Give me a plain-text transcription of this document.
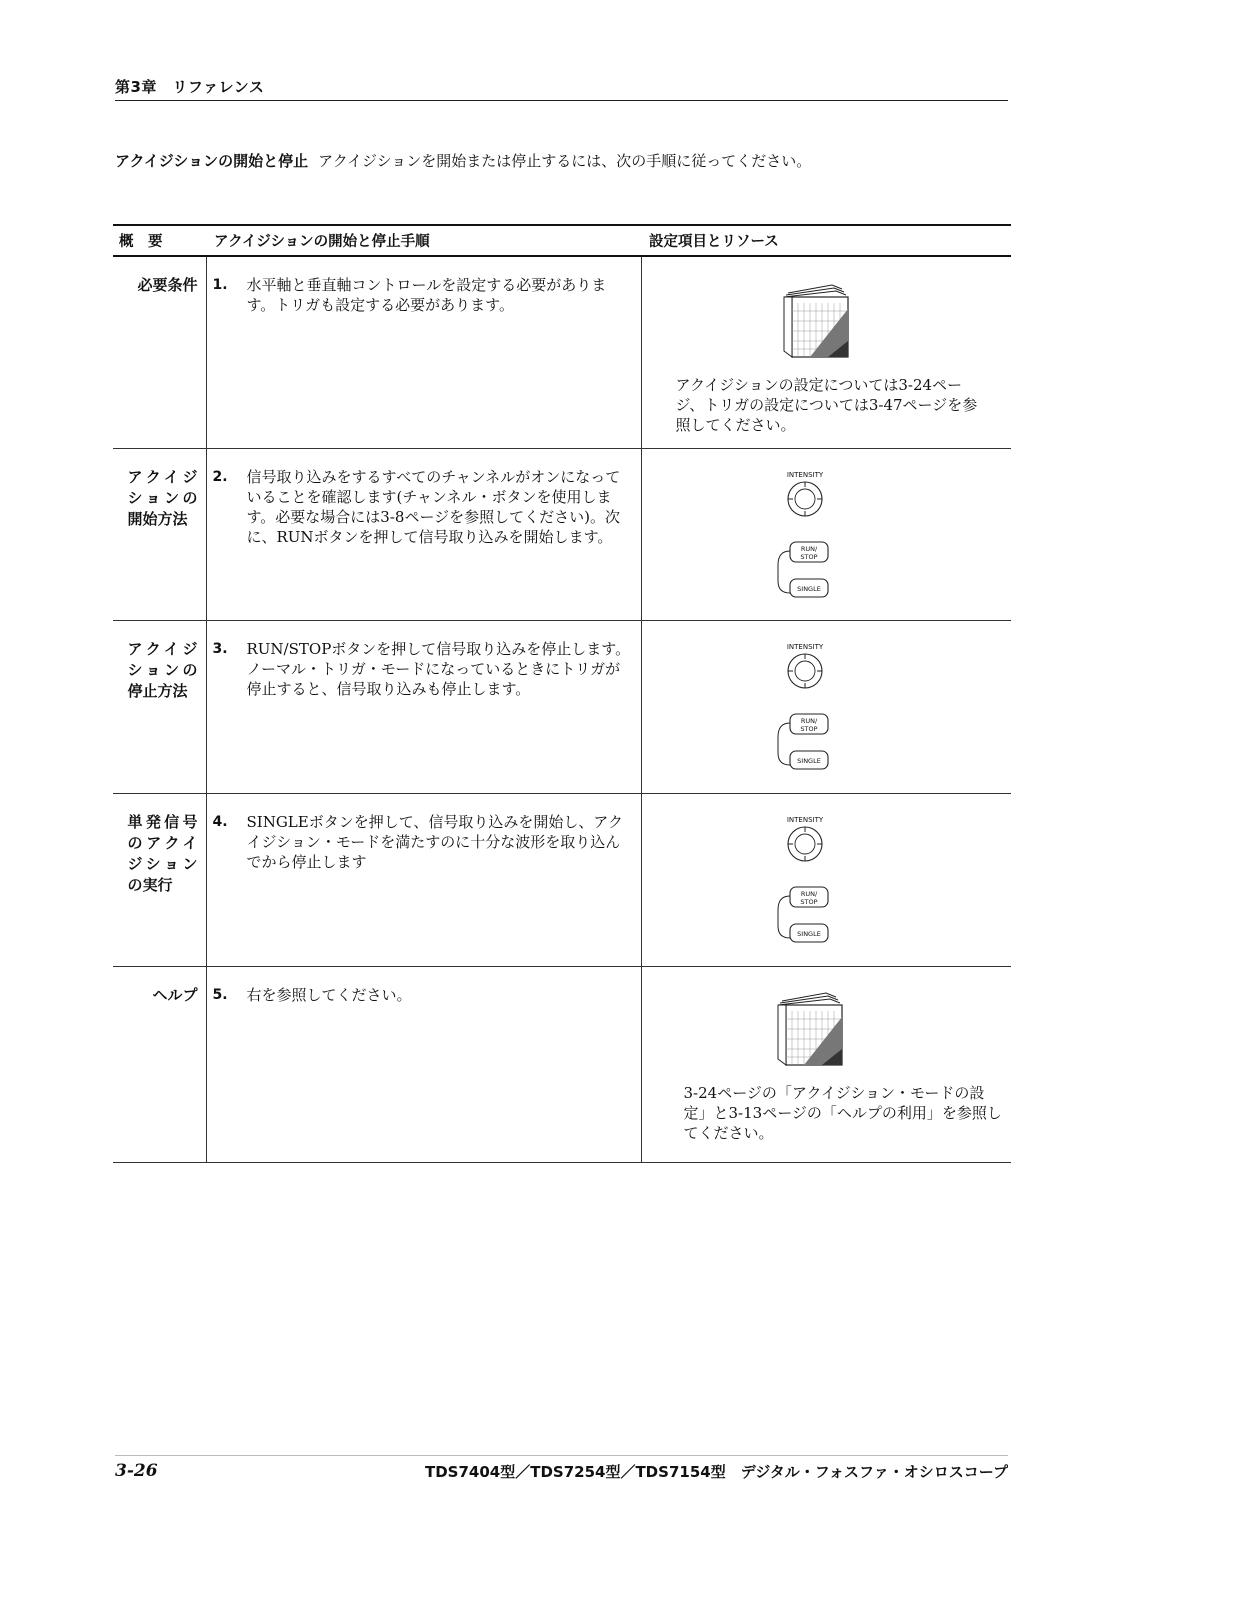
第3章　リファレンス
アクイジションの開始と停止 アクイジションを開始または停止するには、次の手順に従ってください。
概　要	アクイジションの開始と停止手順	設定項目とリソース
必要条件	1. 水平軸と垂直軸コントロールを設定する必要があります。トリガも設定する必要があります。	アクイジションの設定については3-24ページ、トリガの設定については3-47ページを参照してください。

アクイジションの開始方法	2. 信号取り込みをするすべてのチャンネルがオンになっていることを確認します(チャンネル・ボタンを使用します。必要な場合には3-8ページを参照してください)。次に、RUNボタンを押して信号取り込みを開始します。	INTENSITY
RUN/
STOP
SINGLE

アクイジションの停止方法	3. RUN/STOPボタンを押して信号取り込みを停止します。ノーマル・トリガ・モードになっているときにトリガが停止すると、信号取り込みも停止します。	INTENSITY
RUN/
STOP
SINGLE

単発信号のアクイジションの実行	4. SINGLEボタンを押して、信号取り込みを開始し、アクイジション・モードを満たすのに十分な波形を取り込んでから停止します	INTENSITY
RUN/
STOP
SINGLE

ヘルプ	5. 右を参照してください。	3-24ページの「アクイジション・モードの設定」と3-13ページの「ヘルプの利用」を参照してください。
3-26	TDS7404型／TDS7254型／TDS7154型　デジタル・フォスファ・オシロスコープ
